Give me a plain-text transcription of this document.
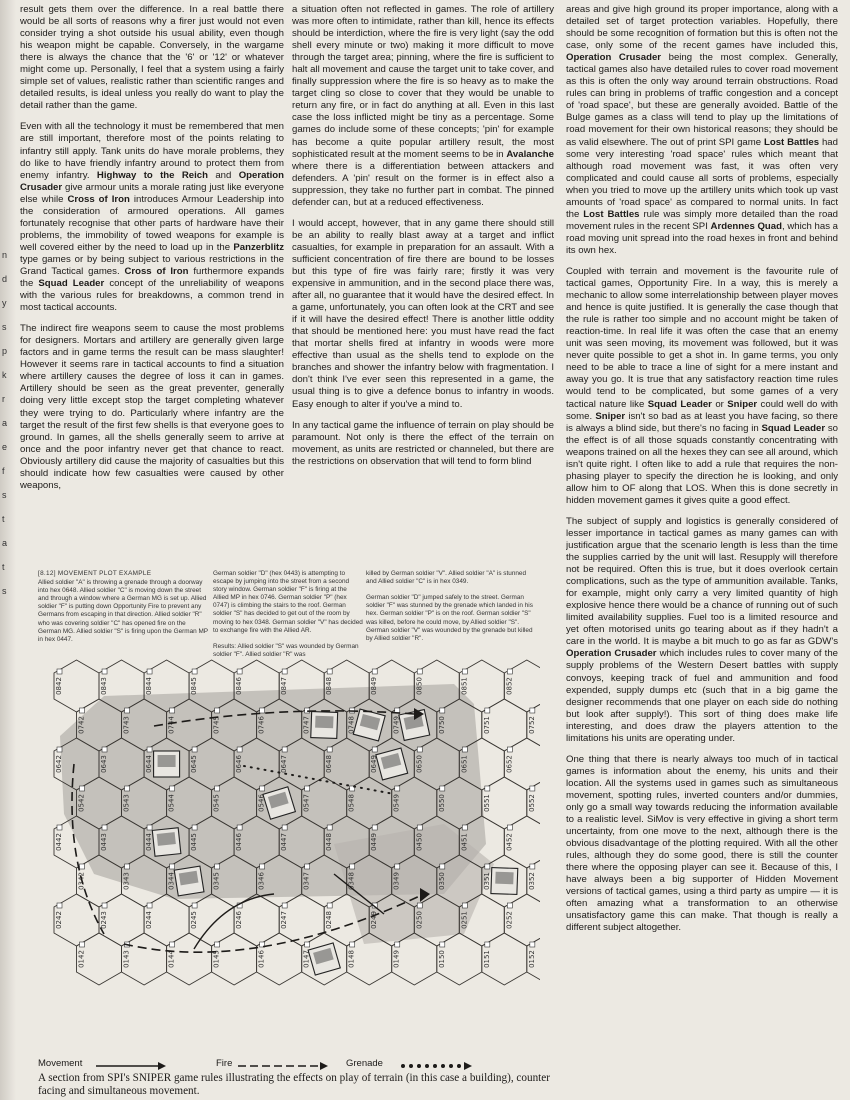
n
d
y
s
p
k
r
a
e
f
s
t
a
t
s

result gets them over the difference. In a real battle there would be all sorts of reasons why a firer just would not even consider trying a shot outside his usual ability, even though his weapon might be capable. Conversely, in the wargame there is always the chance that the '6' or '12' or whatever might come up. Personally, I feel that a system using a fairly simple set of values, realistic rather than scientific ranges and detailed results, is ideal unless you really do want to play the detail rather than the game.

Even with all the technology it must be remembered that men are still important, therefore most of the points relating to infantry still apply. Tank units do have morale problems, they do like to have friendly infantry around to protect them from enemy infantry. Highway to the Reich and Operation Crusader give armour units a morale rating just like everyone else while Cross of Iron introduces Armour Leadership into the consideration of armoured operations. All games fortunately recognise that other parts of hardware have their problems, the immobility of towed weapons for example is well covered either by the need to load up in the Panzerblitz type games or by being subject to various restrictions in the Grand Tactical games. Cross of Iron furthermore expands the Squad Leader concept of the unreliability of weapons with the various rules for breakdowns, a common trend in most tactical accounts.

The indirect fire weapons seem to cause the most problems for designers. Mortars and artillery are generally given large factors and in game terms the result can be mass slaughter! However it seems rare in tactical accounts to find a situation where artillery causes the degree of loss it can in games. Artillery should be seen as the great preventer, generally doing very little except stop the target completing whatever they were trying to do. Particularly where infantry are the target the result of the first few shells is that everyone goes to ground. In games, all the shells generally seem to arrive at once and the poor infantry never get that chance to react. Obviously artillery did cause the majority of casualties but this should indicate how few casualties were caused by other weapons,

a situation often not reflected in games. The role of artillery was more often to intimidate, rather than kill, hence its effects should be interdiction, where the fire is very light (say the odd shell every minute or two) making it more difficult to move through the target area; pinning, where the fire is sufficient to halt all movement and cause the target unit to take cover, and finally suppression where the fire is so heavy as to make the target cling so close to cover that they would be unable to return any fire, or in fact do anything at all. Even in this last case the loss inflicted might be tiny as a percentage. Some games do include some of these concepts; 'pin' for example has become a quite popular artillery result, the most sophisticated result at the moment seems to be in Avalanche where there is a differentiation between attackers and defenders. A 'pin' result on the former is in effect also a suppression, they take no further part in combat. The pinned defender can, but at a reduced effectiveness.

I would accept, however, that in any game there should still be an ability to really blast away at a target and inflict casualties, for example in preparation for an assault. With a sufficient concentration of fire there are bound to be losses but this type of fire was fairly rare; firstly it was very expensive in ammunition, and in the second place there was, after all, no guarantee that it would have the desired effect. In a game, unfortunately, you can often look at the CRT and see if it will have the desired effect! There is another little oddity that should be mentioned here: you must have read the fact that mortar shells fired at infantry in woods were more effective than usual as the shells tend to explode on the branches and shower the infantry below with fragmentation. I don't think I've ever seen this represented in a game, the usual thing is to give a defence bonus to infantry in woods. Easy enough to alter if you've a mind to.

In any tactical game the influence of terrain on play should be paramount. Not only is there the effect of the terrain on movement, as units are restricted or channeled, but there are the restrictions on observation that will tend to form blind

areas and give high ground its proper importance, along with a detailed set of target protection variables. Hopefully, there should be some recognition of formation but this is often not the case, only some of the recent games have included this, Operation Crusader being the most complex. Generally, tactical games also have detailed rules to cover road movement as this is often the only way around terrain obstructions. Road rules can bring in problems of traffic congestion and a concept of 'road space', but these are generally avoided. Battle of the Bulge games as a class will tend to play up the limitations of road movement for their own historical reasons; they should be as valid elsewhere. The out of print SPI game Lost Battles had some very interesting 'road space' rules which meant that although road movement was fast, it was often very complicated and could cause all sorts of problems, especially when you tried to move up the artillery units which took up vast amounts of 'road space' as compared to normal units. In fact the Lost Battles rule was simply more detailed than the road movement rules in the recent SPI Ardennes Quad, which has a road moving unit spread into the road hexes in front and behind its own hex.

Coupled with terrain and movement is the favourite rule of tactical games, Opportunity Fire. In a way, this is merely a mechanic to allow some interrelationship between player moves and hence is quite justified. It is generally the case though that the rule is rather too simple and no account might be taken of reaction-time. In real life it was often the case that an enemy unit was seen moving, its movement was followed, but it was never quite possible to get a shot in. In game terms, you only need to be able to trace a line of sight for a mere instant and away you go. It is true that any satisfactory reaction time rules would tend to be complicated, but some games of a very tactical nature like Squad Leader or Sniper could well do with some. Sniper isn't so bad as at least you have facing, so there is always a blind side, but there's no facing in Squad Leader so the effect is of all those squads constantly concentrating with weapons trained on all the hexes they can see all around, which isn't quite right. I often like to add a rule that requires the non-phasing player to specify the direction he is looking, and only allow him to OF along that LOS. When this is done secretly in hidden movement games it gives quite a good effect.

The subject of supply and logistics is generally considered of lesser importance in tactical games as many games can with justification argue that the scenario length is less than the time the supplies carried by the unit will last. Resupply will therefore not be required. Often this is true, but it does overlook certain complications, such as the type of ammunition available. Tanks, for example, might only carry a very limited quantity of high explosive hence there would be a chance of running out of such limited availability supplies. Fuel too is a limited resource and yet often motorised units go tearing about as if they hadn't a care in the world. It is maybe a bit much to go as far as GDW's Operation Crusader which includes rules to cover many of the supply problems of the Western Desert battles with supply convoys, keeping track of fuel and ammunition and food expended, supply dumps etc (such that in a big game the designer recommends that one player on each side do nothing but look after supply!). This sort of thing does make life interesting, and does draw the players attention to the limitations his units are operating under.

One thing that there is nearly always too much of in tactical games is information about the enemy, his units and their location. All the systems used in games such as simultaneous movement, spotting rules, inverted counters and/or dummies, only go a small way towards reducing the information available to a realistic level. SiMov is very effective in giving a short term uncertainty, from one move to the next, although there is the obvious disadvantage of the plotting required. With all the other rules, although they do some good, there is still the counter there where the opposing player can see it. Because of this, I have always been a big supporter of Hidden Movement versions of tactical games, using a third party as umpire — it is often amazing what a transformation to an otherwise unsatisfactory game this can make. That though is really a different subject altogether.

[8.12] MOVEMENT PLOT EXAMPLE
Allied soldier "A" is throwing a grenade through a doorway into hex 0648. Allied soldier "C" is moving down the street and through a window where a German MG is set up. Allied soldier "F" is putting down Opportunity Fire to prevent any Germans from escaping in that direction. Allied soldier "R" who was covering soldier "C" has opened fire on the German MG. Allied soldier "S" is firing upon the German MP in hex 0447.
German soldier "D" (hex 0443) is attempting to escape by jumping into the street from a second story window. German soldier "F" is firing at the Allied MP in hex 0746. German soldier "P" (hex 0747) is climbing the stairs to the roof. German soldier "S" has decided to get out of the room by moving to hex 0348. German soldier "V" has decided to exchange fire with the Allied AR.

Results: Allied soldier "S" was wounded by German soldier "F". Allied soldier "R" was
killed by German soldier "V". Allied soldier "A" is stunned and Allied soldier "C" is in hex 0349.

German soldier "D" jumped safely to the street. German soldier "F" was stunned by the grenade which landed in his hex. German soldier "P" is on the roof. German soldier "S" was killed, before he could move, by Allied soldier "S". German soldier "V" was wounded by the grenade but killed by Allied soldier "R".
0842	0843	0844	0845	0846	0847	0848	0849	0850	0851	0852
0742	0743	0744	0745	0746	0747	0748	0749	0750	0751	0752
0642	0643	0644	0645	0646	0647	0648	0649	0650	0651	0652
0542	0543	0544	0545	0546	0547	0548	0549	0550	0551	0552
0442	0443	0444	0445	0446	0447	0448	0449	0450	0451	0452
0342	0343	0344	0345	0346	0347	0348	0349	0350	0351	0352
0242	0243	0244	0245	0246	0247	0248	0249	0250	0251	0252
0142	0143	0144	0145	0146	0147	0148	0149	0150	0151	0152
Movement	Fire	Grenade
A section from SPI's SNIPER game rules illustrating the effects on play of terrain (in this case a building), counter facing and simultaneous movement.
